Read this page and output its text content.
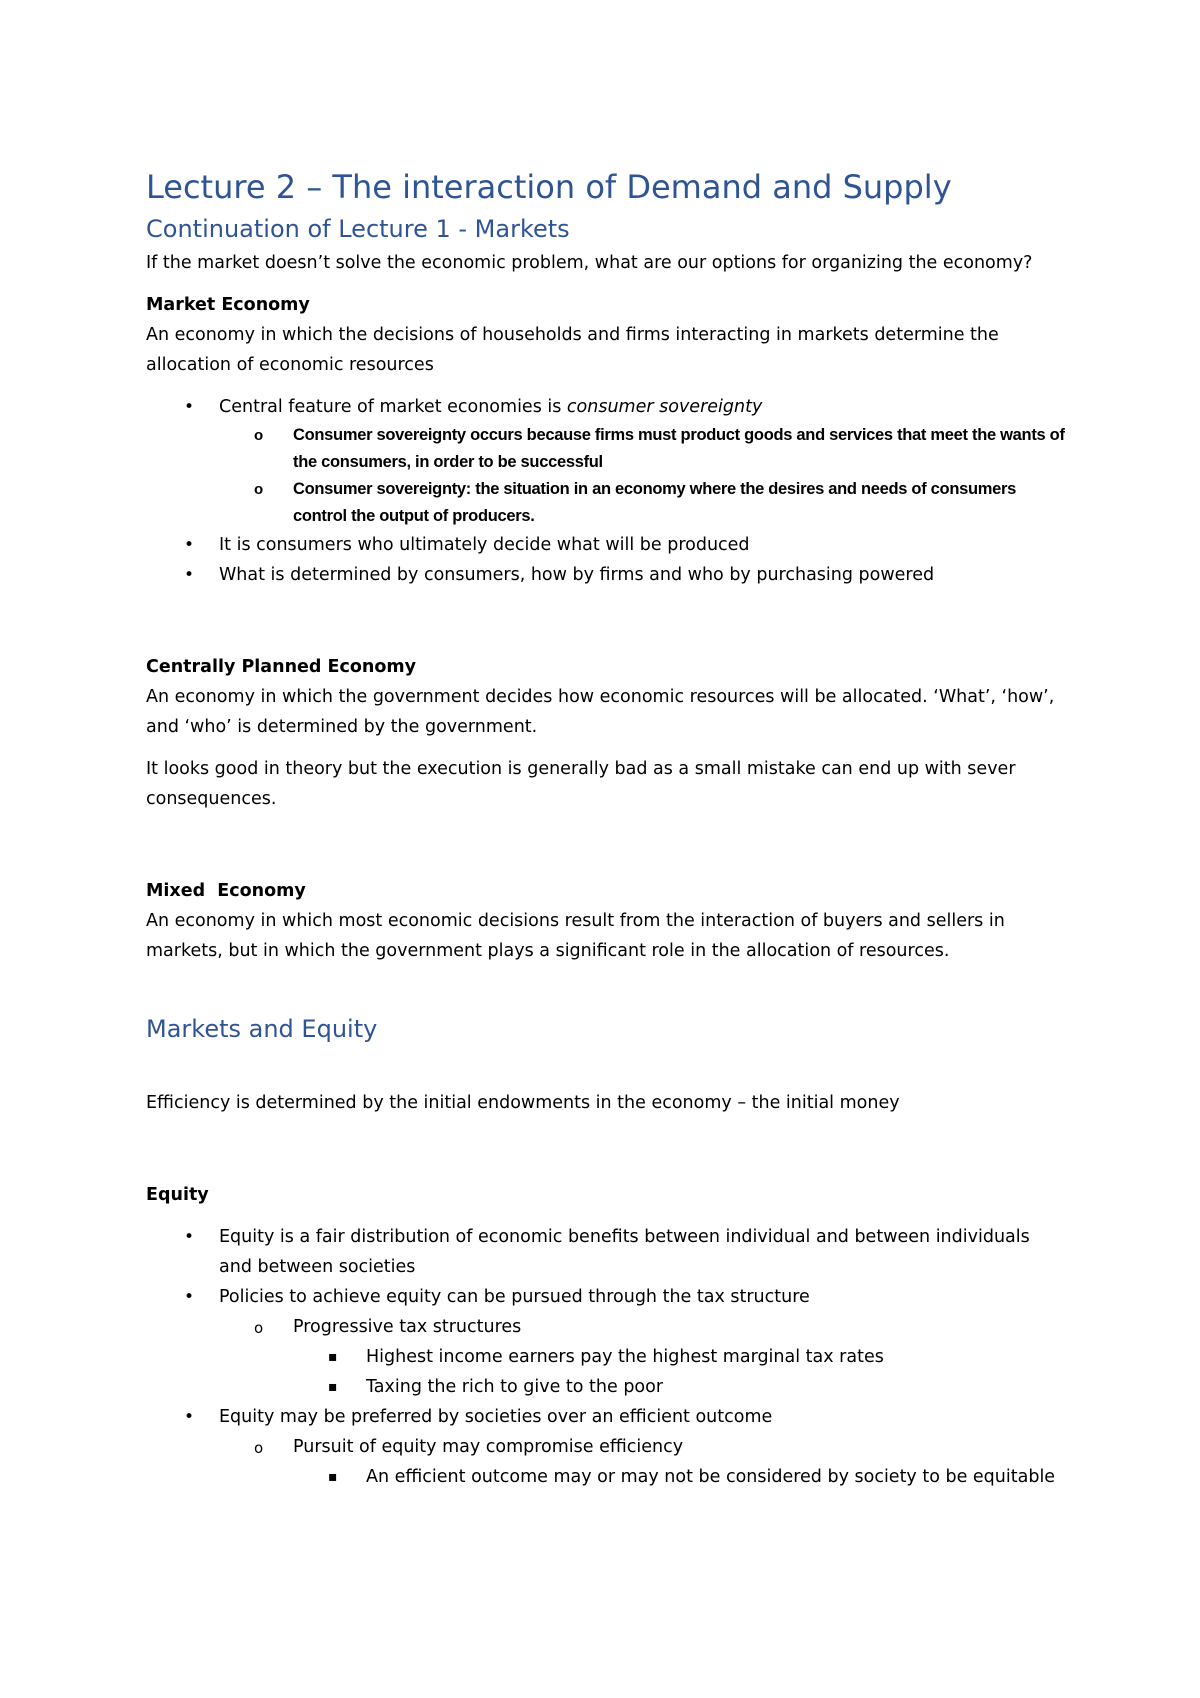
Lecture 2 – The interaction of Demand and Supply
Continuation of Lecture 1 - Markets

If the market doesn’t solve the economic problem, what are our options for organizing the economy?

Market Economy

An economy in which the decisions of households and firms interacting in markets determine the allocation of economic resources

• Central feature of market economies is consumer sovereignty
o Consumer sovereignty occurs because firms must product goods and services that meet the wants of the consumers, in order to be successful
o Consumer sovereignty: the situation in an economy where the desires and needs of consumers control the output of producers.
• It is consumers who ultimately decide what will be produced
• What is determined by consumers, how by firms and who by purchasing powered

Centrally Planned Economy

An economy in which the government decides how economic resources will be allocated. ‘What’, ‘how’, and ‘who’ is determined by the government.

It looks good in theory but the execution is generally bad as a small mistake can end up with sever consequences.

Mixed  Economy

An economy in which most economic decisions result from the interaction of buyers and sellers in markets, but in which the government plays a significant role in the allocation of resources.

Markets and Equity

Efficiency is determined by the initial endowments in the economy – the initial money

Equity

• Equity is a fair distribution of economic benefits between individual and between individuals and between societies
• Policies to achieve equity can be pursued through the tax structure
o Progressive tax structures
▪ Highest income earners pay the highest marginal tax rates
▪ Taxing the rich to give to the poor
• Equity may be preferred by societies over an efficient outcome
o Pursuit of equity may compromise efficiency
▪ An efficient outcome may or may not be considered by society to be equitable
